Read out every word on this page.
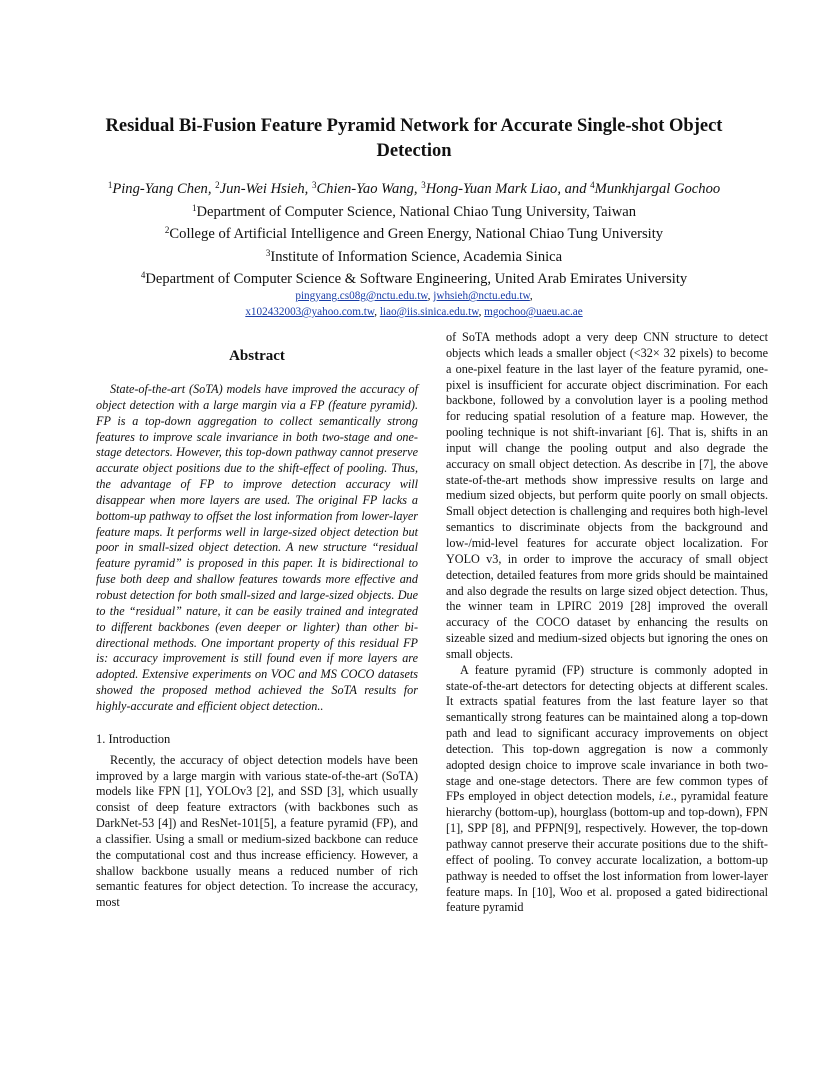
Residual Bi-Fusion Feature Pyramid Network for Accurate Single-shot Object
Detection
$^1$Ping-Yang Chen, $^2$Jun-Wei Hsieh, $^3$Chien-Yao Wang, $^3$Hong-Yuan Mark Liao, and $^4$Munkhjargal Gochoo
$^1$Department of Computer Science, National Chiao Tung University, Taiwan
$^2$College of Artificial Intelligence and Green Energy, National Chiao Tung University
$^3$Institute of Information Science, Academia Sinica
$^4$Department of Computer Science & Software Engineering, United Arab Emirates University
pingyang.cs08g@nctu.edu.tw, jwhsieh@nctu.edu.tw,
x102432003@yahoo.com.tw, liao@iis.sinica.edu.tw, mgochoo@uaeu.ac.ae
Abstract

State-of-the-art (SoTA) models have improved the accuracy of object detection with a large margin via a FP (feature pyramid). FP is a top-down aggregation to collect semantically strong features to improve scale invariance in both two-stage and one-stage detectors. However, this top-down pathway cannot preserve accurate object positions due to the shift-effect of pooling. Thus, the advantage of FP to improve detection accuracy will disappear when more layers are used. The original FP lacks a bottom-up pathway to offset the lost information from lower-layer feature maps. It performs well in large-sized object detection but poor in small-sized object detection. A new structure “residual feature pyramid” is proposed in this paper. It is bidirectional to fuse both deep and shallow features towards more effective and robust detection for both small-sized and large-sized objects. Due to the “residual” nature, it can be easily trained and integrated to different backbones (even deeper or lighter) than other bi-directional methods. One important property of this residual FP is: accuracy improvement is still found even if more layers are adopted. Extensive experiments on VOC and MS COCO datasets showed the proposed method achieved the SoTA results for highly-accurate and efficient object detection..

1. Introduction

Recently, the accuracy of object detection models have been improved by a large margin with various state-of-the-art (SoTA) models like FPN [1], YOLOv3 [2], and SSD [3], which usually consist of deep feature extractors (with backbones such as DarkNet-53 [4]) and ResNet-101[5], a feature pyramid (FP), and a classifier. Using a small or medium-sized backbone can reduce the computational cost and thus increase efficiency. However, a shallow backbone usually means a reduced number of rich semantic features for object detection. To increase the accuracy, most

of SoTA methods adopt a very deep CNN structure to detect objects which leads a smaller object (<32× 32 pixels) to become a one-pixel feature in the last layer of the feature pyramid, one-pixel is insufficient for accurate object discrimination. For each backbone, followed by a convolution layer is a pooling method for reducing spatial resolution of a feature map. However, the pooling technique is not shift-invariant [6]. That is, shifts in an input will change the pooling output and also degrade the accuracy on small object detection. As describe in [7], the above state-of-the-art methods show impressive results on large and medium sized objects, but perform quite poorly on small objects. Small object detection is challenging and requires both high-level semantics to discriminate objects from the background and low-/mid-level features for accurate object localization. For YOLO v3, in order to improve the accuracy of small object detection, detailed features from more grids should be maintained and also degrade the results on large sized object detection. Thus, the winner team in LPIRC 2019 [28] improved the overall accuracy of the COCO dataset by enhancing the results on sizeable sized and medium-sized objects but ignoring the ones on small objects.

A feature pyramid (FP) structure is commonly adopted in state-of-the-art detectors for detecting objects at different scales. It extracts spatial features from the last feature layer so that semantically strong features can be maintained along a top-down path and lead to significant accuracy improvements on object detection. This top-down aggregation is now a commonly adopted design choice to improve scale invariance in both two-stage and one-stage detectors. There are few common types of FPs employed in object detection models, i.e., pyramidal feature hierarchy (bottom-up), hourglass (bottom-up and top-down), FPN [1], SPP [8], and PFPN[9], respectively. However, the top-down pathway cannot preserve their accurate positions due to the shift-effect of pooling. To convey accurate localization, a bottom-up pathway is needed to offset the lost information from lower-layer feature maps. In [10], Woo et al. proposed a gated bidirectional feature pyramid
